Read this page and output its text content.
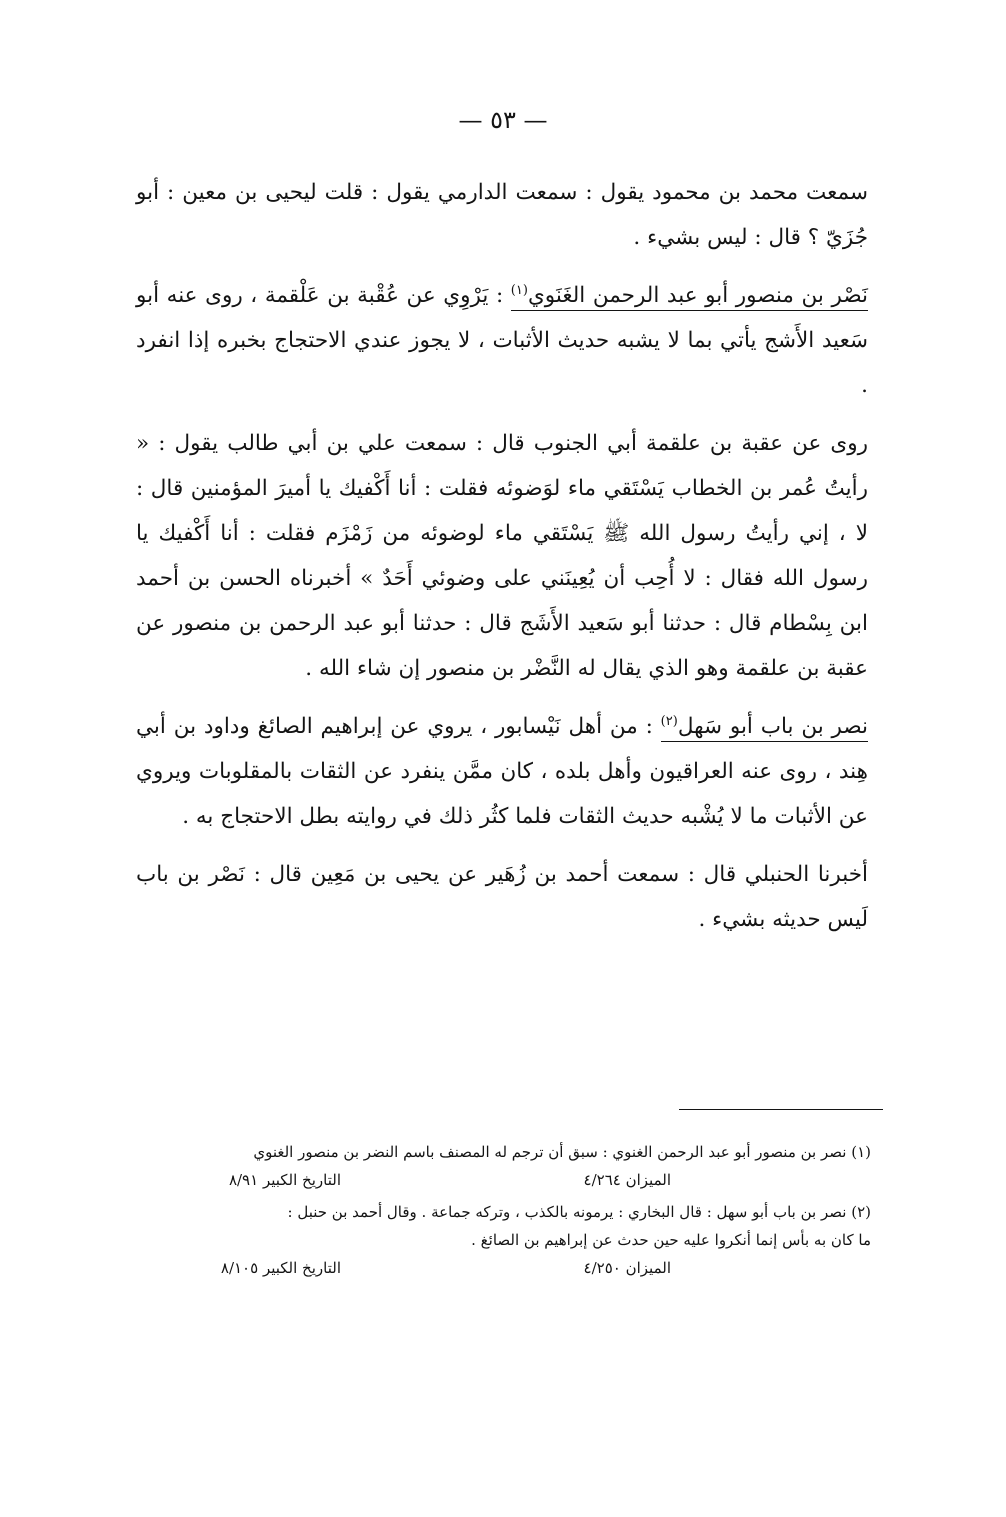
— ٥٣ —

سمعت محمد بن محمود يقول : سمعت الدارمي يقول : قلت ليحيى بن معين : أبو جُزَيّ ؟ قال : ليس بشيء .

نَصْر بن منصور أبو عبد الرحمن الغَنَوي$^{(١)}$ : يَرْوِي عن عُقْبة بن عَلْقمة ، روى عنه أبو سَعيد الأَشج يأتي بما لا يشبه حديث الأثبات ، لا يجوز عندي الاحتجاج بخبره إذا انفرد .

روى عن عقبة بن علقمة أبي الجنوب قال : سمعت علي بن أبي طالب يقول : « رأيتُ عُمر بن الخطاب يَسْتَقي ماء لوَضوئه فقلت : أنا أَكْفيك يا أميرَ المؤمنين قال : لا ، إني رأيتُ رسول الله ﷺ يَسْتَقي ماء لوضوئه من زَمْزَم فقلت : أنا أَكْفيك يا رسول الله فقال : لا أُحِب أن يُعِينَني على وضوئي أَحَدٌ » أخبرناه الحسن بن أحمد ابن بِسْطام قال : حدثنا أبو سَعيد الأَشَج قال : حدثنا أبو عبد الرحمن بن منصور عن عقبة بن علقمة وهو الذي يقال له النَّضْر بن منصور إن شاء الله .

نصر بن باب أبو سَهل$^{(٢)}$ : من أهل نَيْسابور ، يروي عن إبراهيم الصائغ وداود بن أبي هِند ، روى عنه العراقيون وأهل بلده ، كان ممَّن ينفرد عن الثقات بالمقلوبات ويروي عن الأثبات ما لا يُشْبه حديث الثقات فلما كثُر ذلك في روايته بطل الاحتجاج به .

أخبرنا الحنبلي قال : سمعت أحمد بن زُهَير عن يحيى بن مَعِين قال : نَصْر بن باب لَيس حديثه بشيء .

(١) نصر بن منصور أبو عبد الرحمن الغنوي : سبق أن ترجم له المصنف باسم النضر بن منصور الغنوي

الميزان ٤/٢٦٤
التاريخ الكبير ٨/٩١

(٢) نصر بن باب أبو سهل : قال البخاري : يرمونه بالكذب ، وتركه جماعة . وقال أحمد بن حنبل :

ما كان به بأس إنما أنكروا عليه حين حدث عن إبراهيم بن الصائغ .

الميزان ٤/٢٥٠
التاريخ الكبير ٨/١٠٥
